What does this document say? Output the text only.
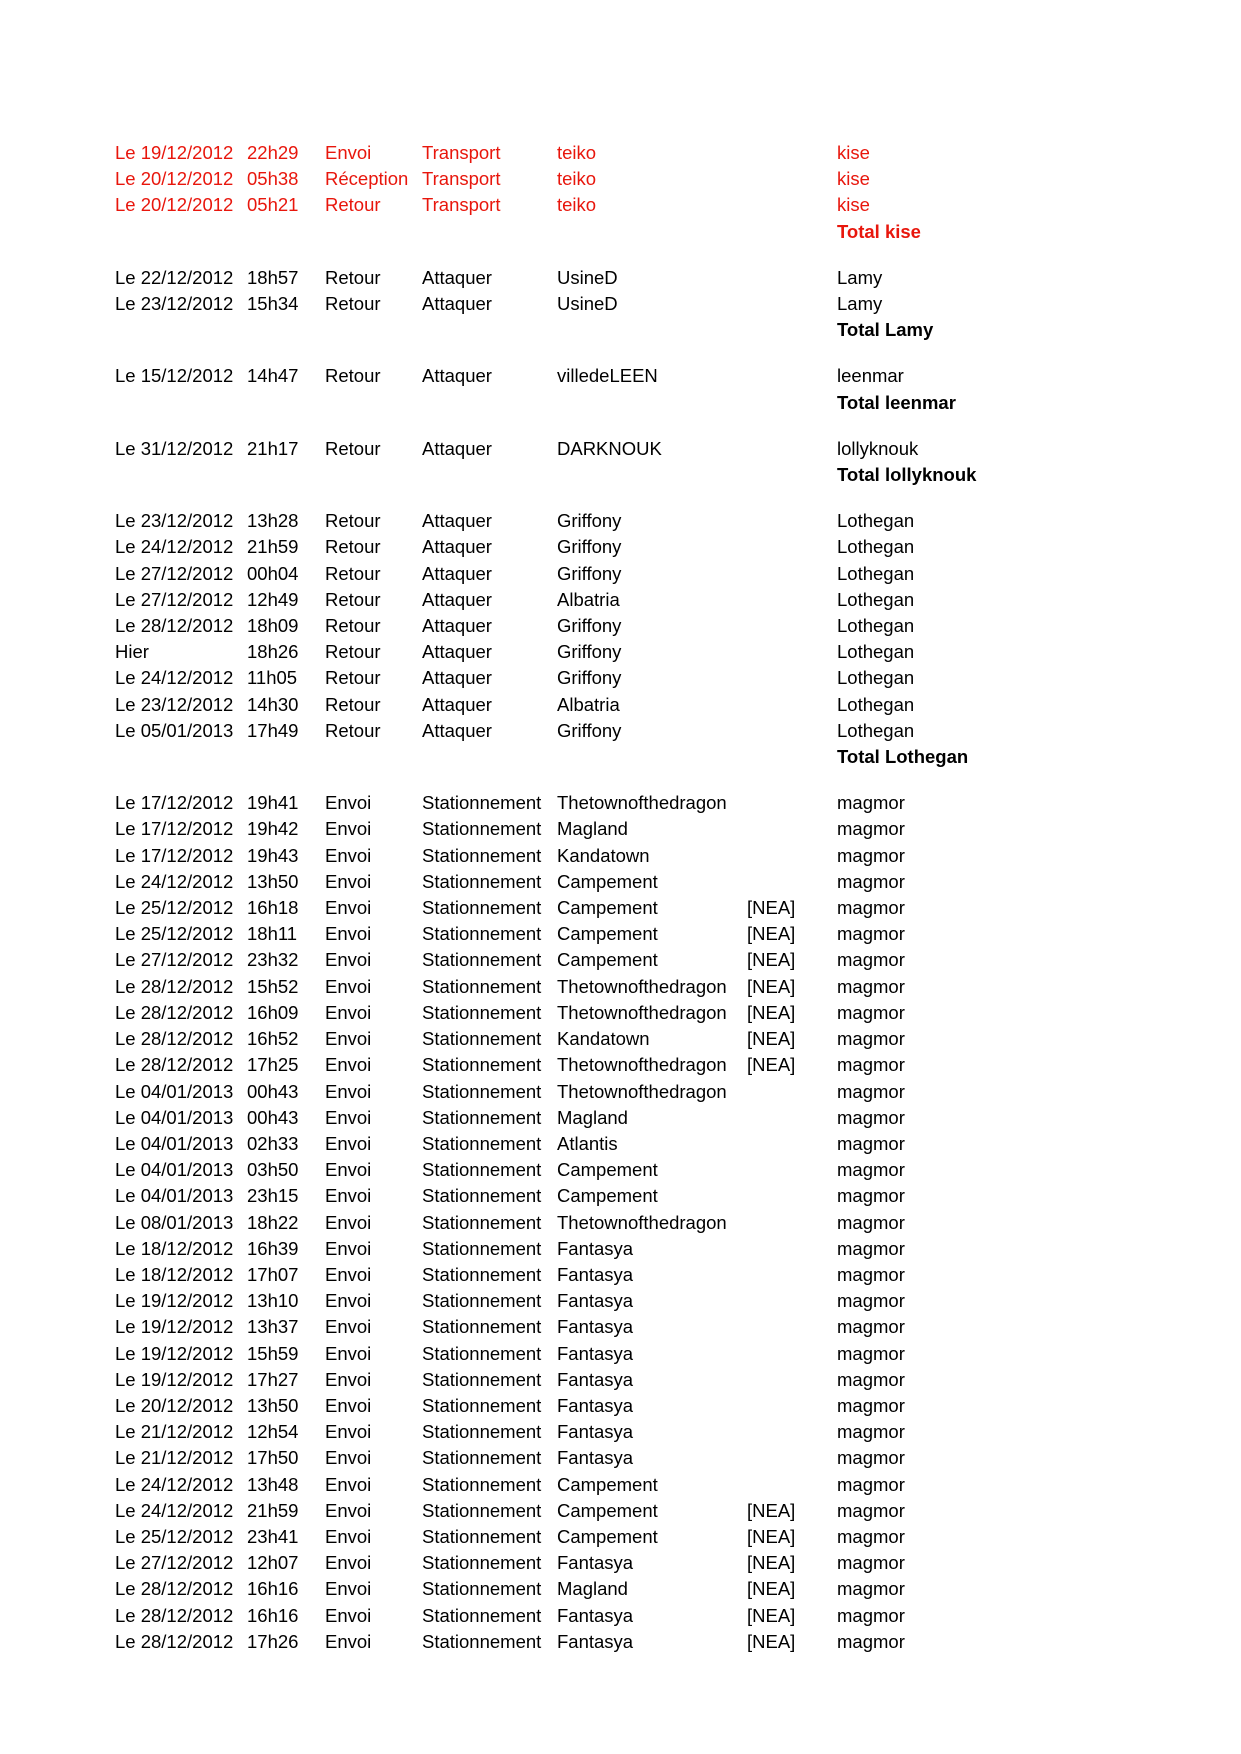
Le 19/12/2012	22h29	Envoi	Transport	teiko		kise
Le 20/12/2012	05h38	Réception	Transport	teiko		kise
Le 20/12/2012	05h21	Retour	Transport	teiko		kise
						Total kise

Le 22/12/2012	18h57	Retour	Attaquer	UsineD		Lamy
Le 23/12/2012	15h34	Retour	Attaquer	UsineD		Lamy
						Total Lamy

Le 15/12/2012	14h47	Retour	Attaquer	villedeLEEN		leenmar
						Total leenmar

Le 31/12/2012	21h17	Retour	Attaquer	DARKNOUK		lollyknouk
						Total lollyknouk

Le 23/12/2012	13h28	Retour	Attaquer	Griffony		Lothegan
Le 24/12/2012	21h59	Retour	Attaquer	Griffony		Lothegan
Le 27/12/2012	00h04	Retour	Attaquer	Griffony		Lothegan
Le 27/12/2012	12h49	Retour	Attaquer	Albatria		Lothegan
Le 28/12/2012	18h09	Retour	Attaquer	Griffony		Lothegan
Hier	18h26	Retour	Attaquer	Griffony		Lothegan
Le 24/12/2012	11h05	Retour	Attaquer	Griffony		Lothegan
Le 23/12/2012	14h30	Retour	Attaquer	Albatria		Lothegan
Le 05/01/2013	17h49	Retour	Attaquer	Griffony		Lothegan
						Total Lothegan

Le 17/12/2012	19h41	Envoi	Stationnement	Thetownofthedragon		magmor
Le 17/12/2012	19h42	Envoi	Stationnement	Magland		magmor
Le 17/12/2012	19h43	Envoi	Stationnement	Kandatown		magmor
Le 24/12/2012	13h50	Envoi	Stationnement	Campement		magmor
Le 25/12/2012	16h18	Envoi	Stationnement	Campement	[NEA]	magmor
Le 25/12/2012	18h11	Envoi	Stationnement	Campement	[NEA]	magmor
Le 27/12/2012	23h32	Envoi	Stationnement	Campement	[NEA]	magmor
Le 28/12/2012	15h52	Envoi	Stationnement	Thetownofthedragon	[NEA]	magmor
Le 28/12/2012	16h09	Envoi	Stationnement	Thetownofthedragon	[NEA]	magmor
Le 28/12/2012	16h52	Envoi	Stationnement	Kandatown	[NEA]	magmor
Le 28/12/2012	17h25	Envoi	Stationnement	Thetownofthedragon	[NEA]	magmor
Le 04/01/2013	00h43	Envoi	Stationnement	Thetownofthedragon		magmor
Le 04/01/2013	00h43	Envoi	Stationnement	Magland		magmor
Le 04/01/2013	02h33	Envoi	Stationnement	Atlantis		magmor
Le 04/01/2013	03h50	Envoi	Stationnement	Campement		magmor
Le 04/01/2013	23h15	Envoi	Stationnement	Campement		magmor
Le 08/01/2013	18h22	Envoi	Stationnement	Thetownofthedragon		magmor
Le 18/12/2012	16h39	Envoi	Stationnement	Fantasya		magmor
Le 18/12/2012	17h07	Envoi	Stationnement	Fantasya		magmor
Le 19/12/2012	13h10	Envoi	Stationnement	Fantasya		magmor
Le 19/12/2012	13h37	Envoi	Stationnement	Fantasya		magmor
Le 19/12/2012	15h59	Envoi	Stationnement	Fantasya		magmor
Le 19/12/2012	17h27	Envoi	Stationnement	Fantasya		magmor
Le 20/12/2012	13h50	Envoi	Stationnement	Fantasya		magmor
Le 21/12/2012	12h54	Envoi	Stationnement	Fantasya		magmor
Le 21/12/2012	17h50	Envoi	Stationnement	Fantasya		magmor
Le 24/12/2012	13h48	Envoi	Stationnement	Campement		magmor
Le 24/12/2012	21h59	Envoi	Stationnement	Campement	[NEA]	magmor
Le 25/12/2012	23h41	Envoi	Stationnement	Campement	[NEA]	magmor
Le 27/12/2012	12h07	Envoi	Stationnement	Fantasya	[NEA]	magmor
Le 28/12/2012	16h16	Envoi	Stationnement	Magland	[NEA]	magmor
Le 28/12/2012	16h16	Envoi	Stationnement	Fantasya	[NEA]	magmor
Le 28/12/2012	17h26	Envoi	Stationnement	Fantasya	[NEA]	magmor
